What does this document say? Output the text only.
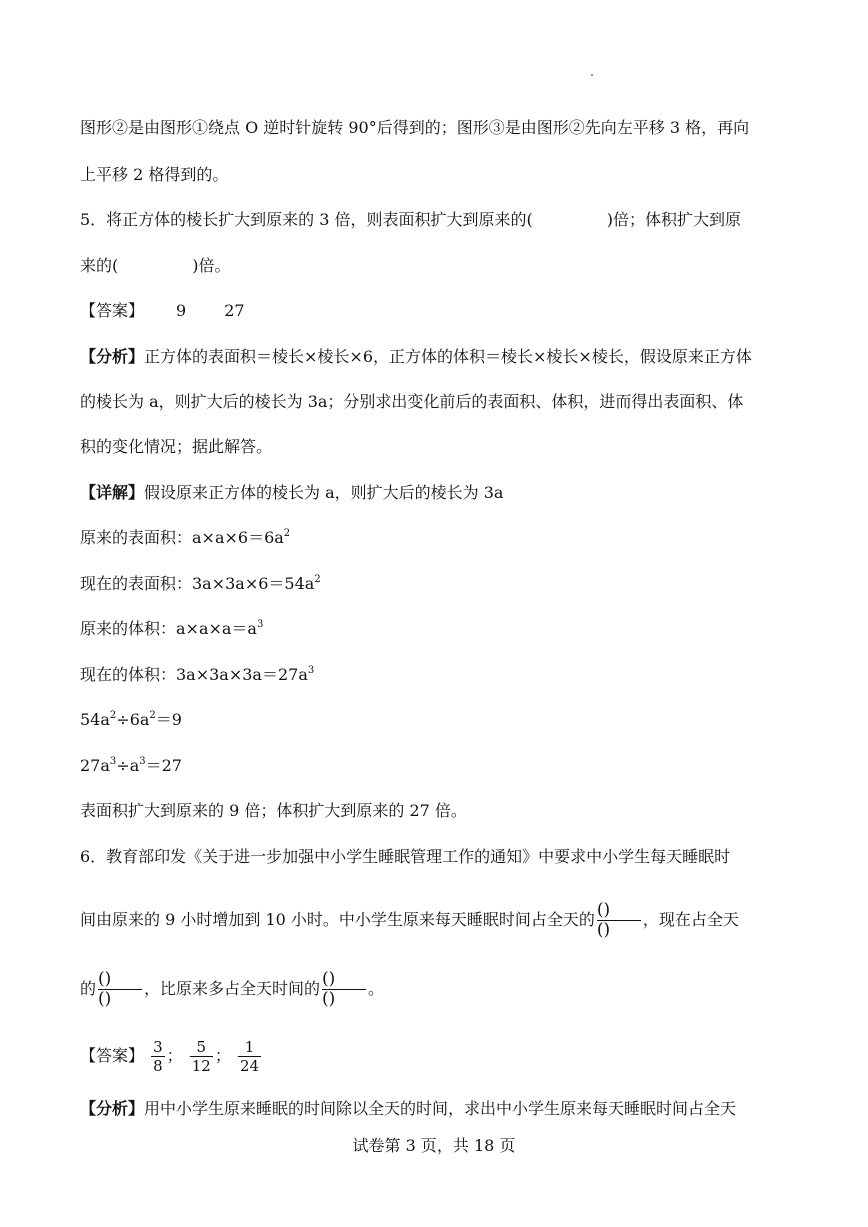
图形②是由图形①绕点 O 逆时针旋转 90°后得到的；图形③是由图形②先向左平移 3 格，再向
上平移 2 格得到的。
5．将正方体的棱长扩大到原来的 3 倍，则表面积扩大到原来的(	)倍；体积扩大到原
来的(	)倍。
【答案】 9 27
【分析】正方体的表面积＝棱长×棱长×6，正方体的体积＝棱长×棱长×棱长，假设原来正方体
的棱长为 a，则扩大后的棱长为 3a；分别求出变化前后的表面积、体积，进而得出表面积、体
积的变化情况；据此解答。
【详解】假设原来正方体的棱长为 a，则扩大后的棱长为 3a
原来的表面积：$a\times a\times 6=6a^2$
现在的表面积：$3a\times 3a\times 6=54a^2$
原来的体积：$a\times a\times a=a^3$
现在的体积：$3a\times 3a\times 3a=27a^3$
$54a^2\div 6a^2=9$
$27a^3\div a^3=27$
表面积扩大到原来的 9 倍；体积扩大到原来的 27 倍。
6．教育部印发《关于进一步加强中小学生睡眠管理工作的通知》中要求中小学生每天睡眠时
间由原来的 9 小时增加到 10 小时。中小学生原来每天睡眠时间占全天的 ()
()
，现在占全天
的 ()
()
，比原来多占全天时间的 ()
()
。
【答案】 $\frac{3}{8}$ ； $\frac{5}{12}$ ； $\frac{1}{24}$
【分析】用中小学生原来睡眠的时间除以全天的时间，求出中小学生原来每天睡眠时间占全天
试卷第 3 页，共 18 页
